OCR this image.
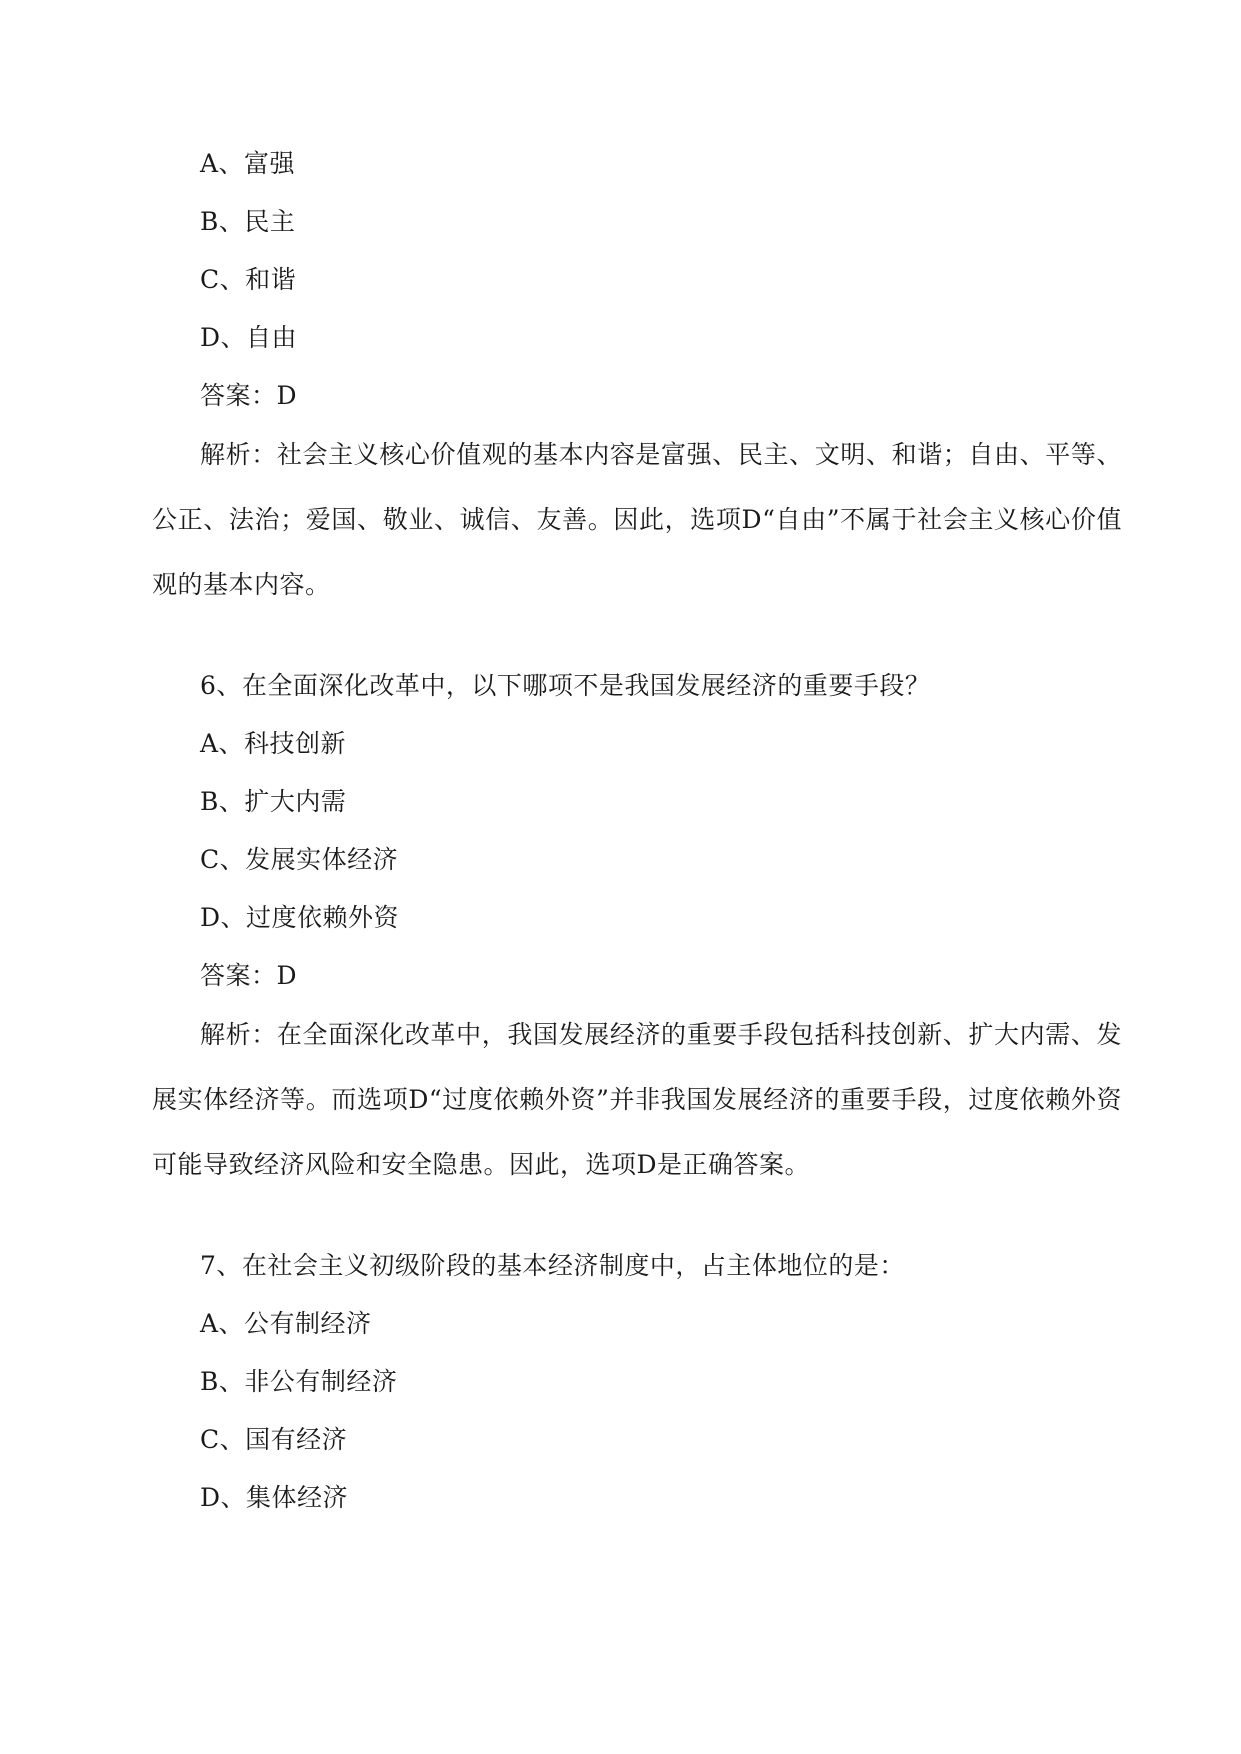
A、富强
B、民主
C、和谐
D、自由
答案：D
解析：社会主义核心价值观的基本内容是富强、民主、文明、和谐；自由、平等、公正、法治；爱国、敬业、诚信、友善。因此，选项D“自由”不属于社会主义核心价值观的基本内容。
6、在全面深化改革中，以下哪项不是我国发展经济的重要手段？
A、科技创新
B、扩大内需
C、发展实体经济
D、过度依赖外资
答案：D
解析：在全面深化改革中，我国发展经济的重要手段包括科技创新、扩大内需、发展实体经济等。而选项D“过度依赖外资”并非我国发展经济的重要手段，过度依赖外资可能导致经济风险和安全隐患。因此，选项D是正确答案。
7、在社会主义初级阶段的基本经济制度中，占主体地位的是：
A、公有制经济
B、非公有制经济
C、国有经济
D、集体经济
